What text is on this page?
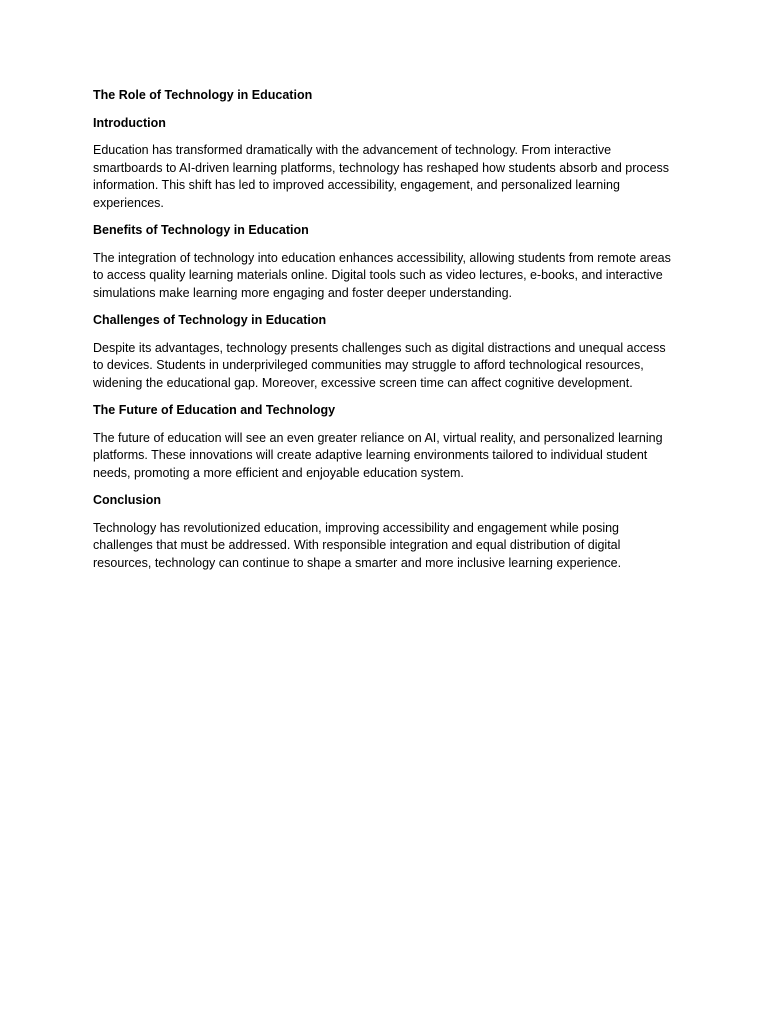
The Role of Technology in Education
Introduction

Education has transformed dramatically with the advancement of technology. From interactive smartboards to AI-driven learning platforms, technology has reshaped how students absorb and process information. This shift has led to improved accessibility, engagement, and personalized learning experiences.

Benefits of Technology in Education

The integration of technology into education enhances accessibility, allowing students from remote areas to access quality learning materials online. Digital tools such as video lectures, e-books, and interactive simulations make learning more engaging and foster deeper understanding.

Challenges of Technology in Education

Despite its advantages, technology presents challenges such as digital distractions and unequal access to devices. Students in underprivileged communities may struggle to afford technological resources, widening the educational gap. Moreover, excessive screen time can affect cognitive development.

The Future of Education and Technology

The future of education will see an even greater reliance on AI, virtual reality, and personalized learning platforms. These innovations will create adaptive learning environments tailored to individual student needs, promoting a more efficient and enjoyable education system.

Conclusion

Technology has revolutionized education, improving accessibility and engagement while posing challenges that must be addressed. With responsible integration and equal distribution of digital resources, technology can continue to shape a smarter and more inclusive learning experience.
